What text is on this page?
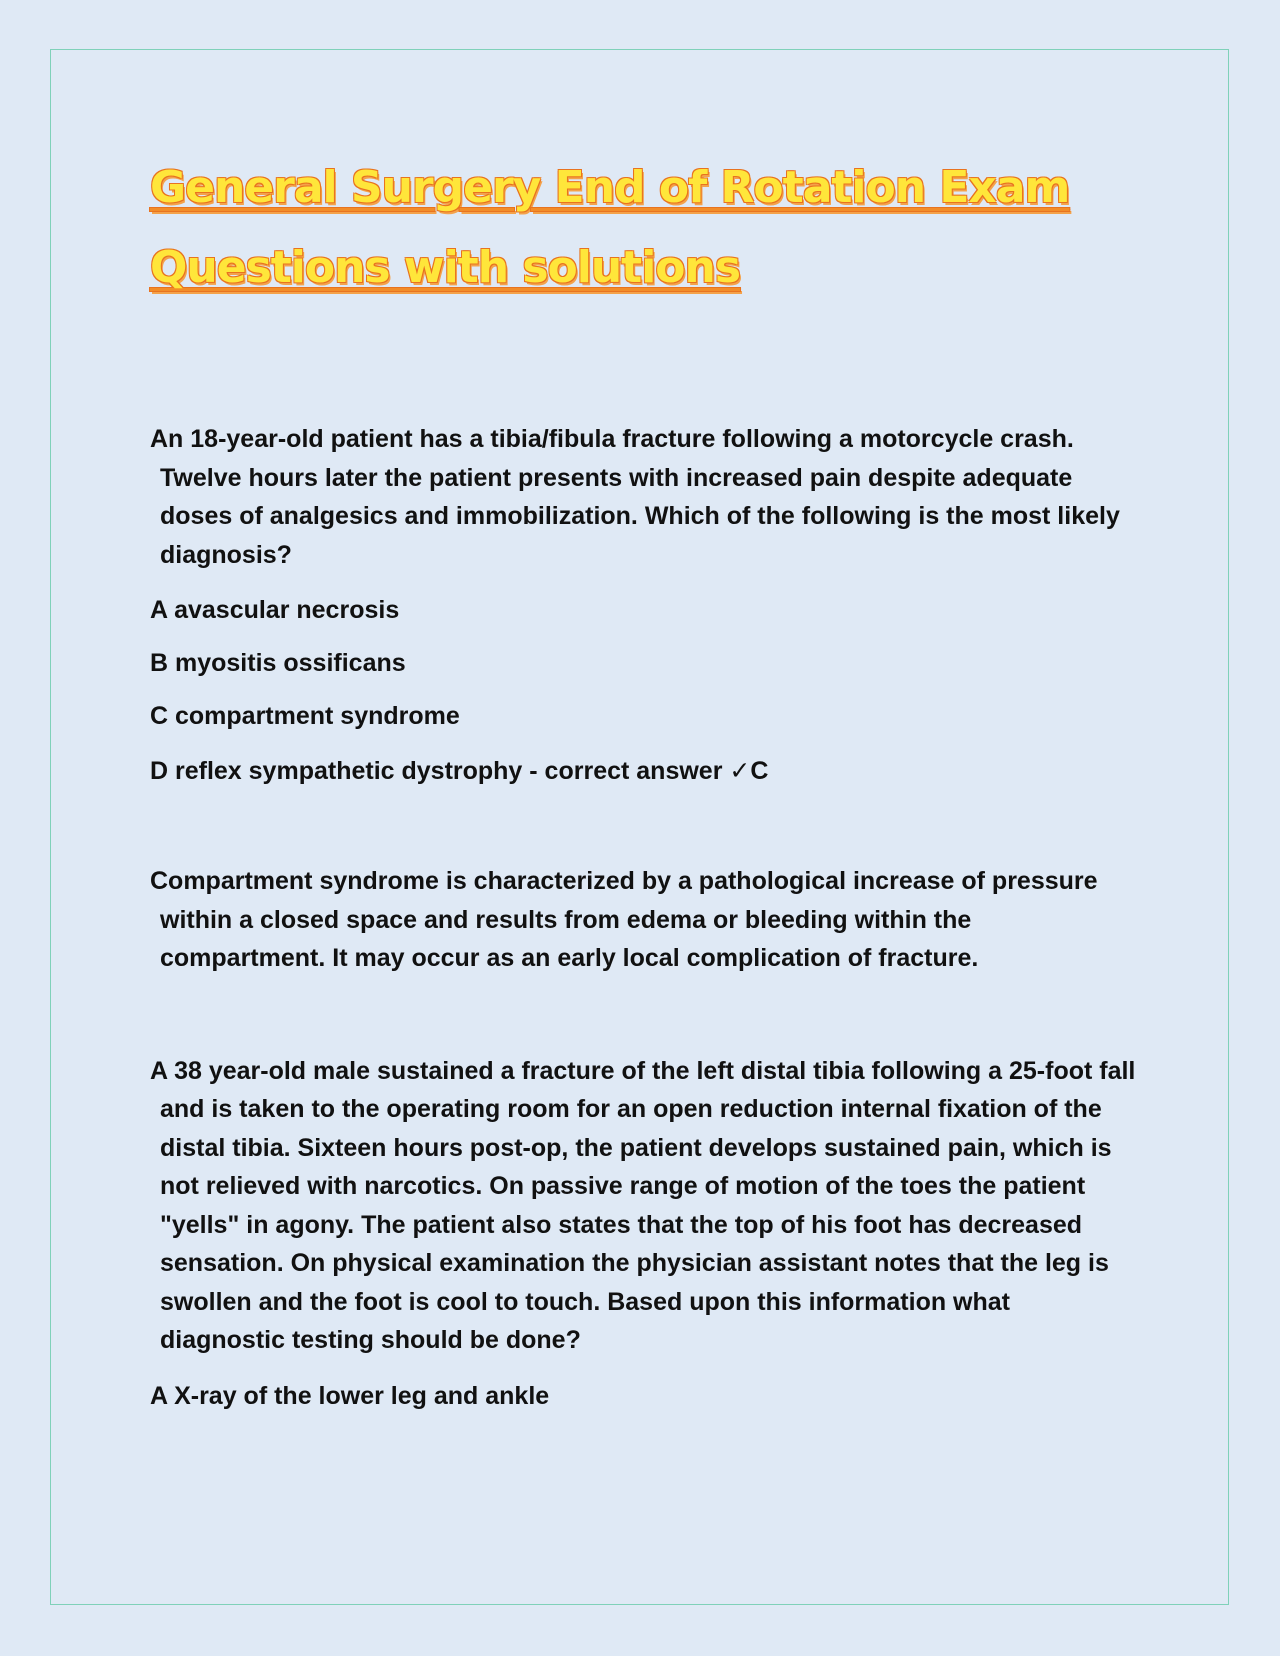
General Surgery End of Rotation Exam
Questions with solutions

An 18-year-old patient has a tibia/fibula fracture following a motorcycle crash. Twelve hours later the patient presents with increased pain despite adequate doses of analgesics and immobilization. Which of the following is the most likely diagnosis?

A avascular necrosis

B myositis ossificans

C compartment syndrome

D reflex sympathetic dystrophy - correct answer ✓C

Compartment syndrome is characterized by a pathological increase of pressure within a closed space and results from edema or bleeding within the compartment. It may occur as an early local complication of fracture.

A 38 year-old male sustained a fracture of the left distal tibia following a 25-foot fall and is taken to the operating room for an open reduction internal fixation of the distal tibia. Sixteen hours post-op, the patient develops sustained pain, which is not relieved with narcotics. On passive range of motion of the toes the patient "yells" in agony. The patient also states that the top of his foot has decreased sensation. On physical examination the physician assistant notes that the leg is swollen and the foot is cool to touch. Based upon this information what diagnostic testing should be done?

A X-ray of the lower leg and ankle
